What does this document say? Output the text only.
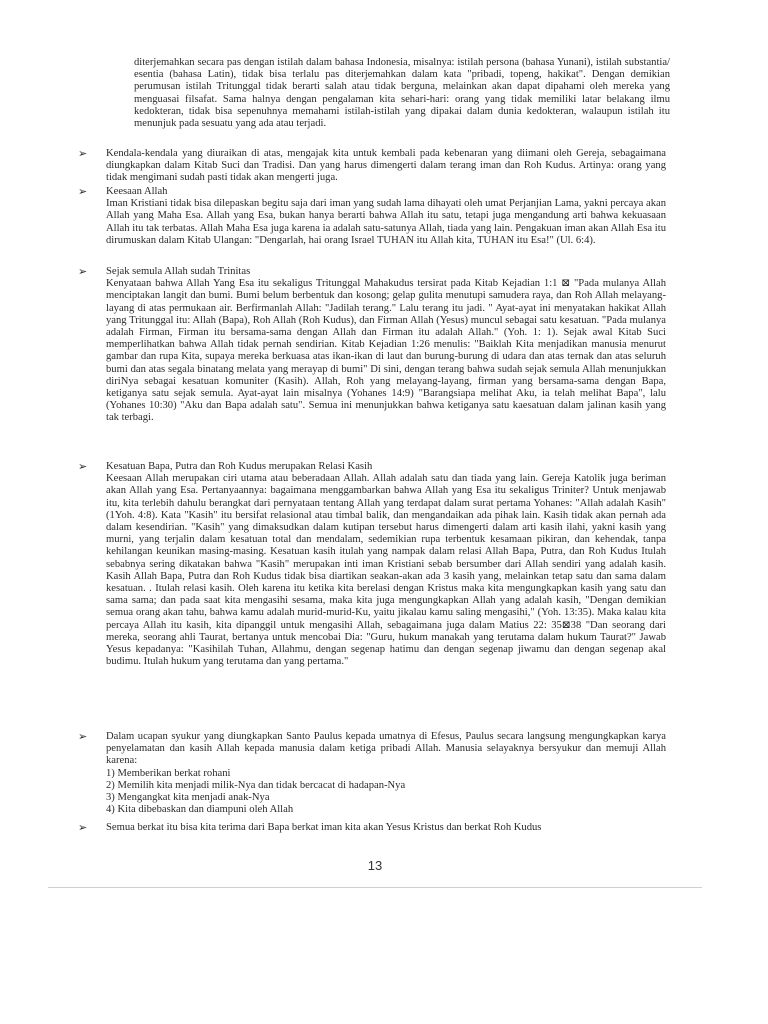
diterjemahkan secara pas dengan istilah dalam bahasa Indonesia, misalnya: istilah persona (bahasa Yunani), istilah substantia/ esentia (bahasa Latin), tidak bisa terlalu pas diterjemahkan dalam kata "pribadi, topeng, hakikat". Dengan demikian perumusan istilah Tritunggal tidak berarti salah atau tidak berguna, melainkan akan dapat dipahami oleh mereka yang menguasai filsafat. Sama halnya dengan pengalaman kita sehari-hari: orang yang tidak memiliki latar belakang ilmu kedokteran, tidak bisa sepenuhnya memahami istilah-istilah yang dipakai dalam dunia kedokteran, walaupun istilah itu menunjuk pada sesuatu yang ada atau terjadi.
➢ Kendala-kendala yang diuraikan di atas, mengajak kita untuk kembali pada kebenaran yang diimani oleh Gereja, sebagaimana diungkapkan dalam Kitab Suci dan Tradisi. Dan yang harus dimengerti dalam terang iman dan Roh Kudus. Artinya: orang yang tidak mengimani sudah pasti tidak akan mengerti juga.

➢ Keesaan Allah

Iman Kristiani tidak bisa dilepaskan begitu saja dari iman yang sudah lama dihayati oleh umat Perjanjian Lama, yakni percaya akan Allah yang Maha Esa. Allah yang Esa, bukan hanya berarti bahwa Allah itu satu, tetapi juga mengandung arti bahwa kekuasaan Allah itu tak terbatas. Allah Maha Esa juga karena ia adalah satu-satunya Allah, tiada yang lain. Pengakuan iman akan Allah Esa itu dirumuskan dalam Kitab Ulangan: "Dengarlah, hai orang Israel TUHAN itu Allah kita, TUHAN itu Esa!" (Ul. 6:4).

➢ Sejak semula Allah sudah Trinitas

Kenyataan bahwa Allah Yang Esa itu sekaligus Tritunggal Mahakudus tersirat pada Kitab Kejadian 1:1 ⊠ "Pada mulanya Allah menciptakan langit dan bumi. Bumi belum berbentuk dan kosong; gelap gulita menutupi samudera raya, dan Roh Allah melayang-layang di atas permukaan air. Berfirmanlah Allah: "Jadilah terang." Lalu terang itu jadi. " Ayat-ayat ini menyatakan hakikat Allah yang Tritunggal itu: Allah (Bapa), Roh Allah (Roh Kudus), dan Firman Allah (Yesus) muncul sebagai satu kesatuan. "Pada mulanya adalah Firman, Firman itu bersama-sama dengan Allah dan Firman itu adalah Allah." (Yoh. 1: 1). Sejak awal Kitab Suci memperlihatkan bahwa Allah tidak pernah sendirian. Kitab Kejadian 1:26 menulis: "Baiklah Kita menjadikan manusia menurut gambar dan rupa Kita, supaya mereka berkuasa atas ikan-ikan di laut dan burung-burung di udara dan atas ternak dan atas seluruh bumi dan atas segala binatang melata yang merayap di bumi" Di sini, dengan terang bahwa sudah sejak semula Allah menunjukkan diriNya sebagai kesatuan komuniter (Kasih). Allah, Roh yang melayang-layang, firman yang bersama-sama dengan Bapa, ketiganya satu sejak semula. Ayat-ayat lain misalnya (Yohanes 14:9) "Barangsiapa melihat Aku, ia telah melihat Bapa", lalu (Yohanes 10:30) "Aku dan Bapa adalah satu". Semua ini menunjukkan bahwa ketiganya satu kaesatuan dalam jalinan kasih yang tak terbagi.

➢ Kesatuan Bapa, Putra dan Roh Kudus merupakan Relasi Kasih

Keesaan Allah merupakan ciri utama atau beberadaan Allah. Allah adalah satu dan tiada yang lain. Gereja Katolik juga beriman akan Allah yang Esa. Pertanyaannya: bagaimana menggambarkan bahwa Allah yang Esa itu sekaligus Triniter? Untuk menjawab itu, kita terlebih dahulu berangkat dari pernyataan tentang Allah yang terdapat dalam surat pertama Yohanes: "Allah adalah Kasih" (1Yoh. 4:8). Kata "Kasih" itu bersifat relasional atau timbal balik, dan mengandaikan ada pihak lain. Kasih tidak akan pernah ada dalam kesendirian. "Kasih" yang dimaksudkan dalam kutipan tersebut harus dimengerti dalam arti kasih ilahi, yakni kasih yang murni, yang terjalin dalam kesatuan total dan mendalam, sedemikian rupa terbentuk kesamaan pikiran, dan kehendak, tanpa kehilangan keunikan masing-masing. Kesatuan kasih itulah yang nampak dalam relasi Allah Bapa, Putra, dan Roh Kudus Itulah sebabnya sering dikatakan bahwa "Kasih" merupakan inti iman Kristiani sebab bersumber dari Allah sendiri yang adalah kasih. Kasih Allah Bapa, Putra dan Roh Kudus tidak bisa diartikan seakan-akan ada 3 kasih yang, melainkan tetap satu dan sama dalam kesatuan. . Itulah relasi kasih. Oleh karena itu ketika kita berelasi dengan Kristus maka kita mengungkapkan kasih yang satu dan sama sama; dan pada saat kita mengasihi sesama, maka kita juga mengungkapkan Allah yang adalah kasih, "Dengan demikian semua orang akan tahu, bahwa kamu adalah murid-murid-Ku, yaitu jikalau kamu saling mengasihi," (Yoh. 13:35). Maka kalau kita percaya Allah itu kasih, kita dipanggil untuk mengasihi Allah, sebagaimana juga dalam Matius 22: 35⊠38 "Dan seorang dari mereka, seorang ahli Taurat, bertanya untuk mencobai Dia: "Guru, hukum manakah yang terutama dalam hukum Taurat?" Jawab Yesus kepadanya: "Kasihilah Tuhan, Allahmu, dengan segenap hatimu dan dengan segenap jiwamu dan dengan segenap akal budimu. Itulah hukum yang terutama dan yang pertama."

➢ Dalam ucapan syukur yang diungkapkan Santo Paulus kepada umatnya di Efesus, Paulus secara langsung mengungkapkan karya penyelamatan dan kasih Allah kepada manusia dalam ketiga pribadi Allah. Manusia selayaknya bersyukur dan memuji Allah karena:

1) Memberikan berkat rohani
2) Memilih kita menjadi milik-Nya dan tidak bercacat di hadapan-Nya
3) Mengangkat kita menjadi anak-Nya
4) Kita dibebaskan dan diampuni oleh Allah
➢ Semua berkat itu bisa kita terima dari Bapa berkat iman kita akan Yesus Kristus dan berkat Roh Kudus

13
